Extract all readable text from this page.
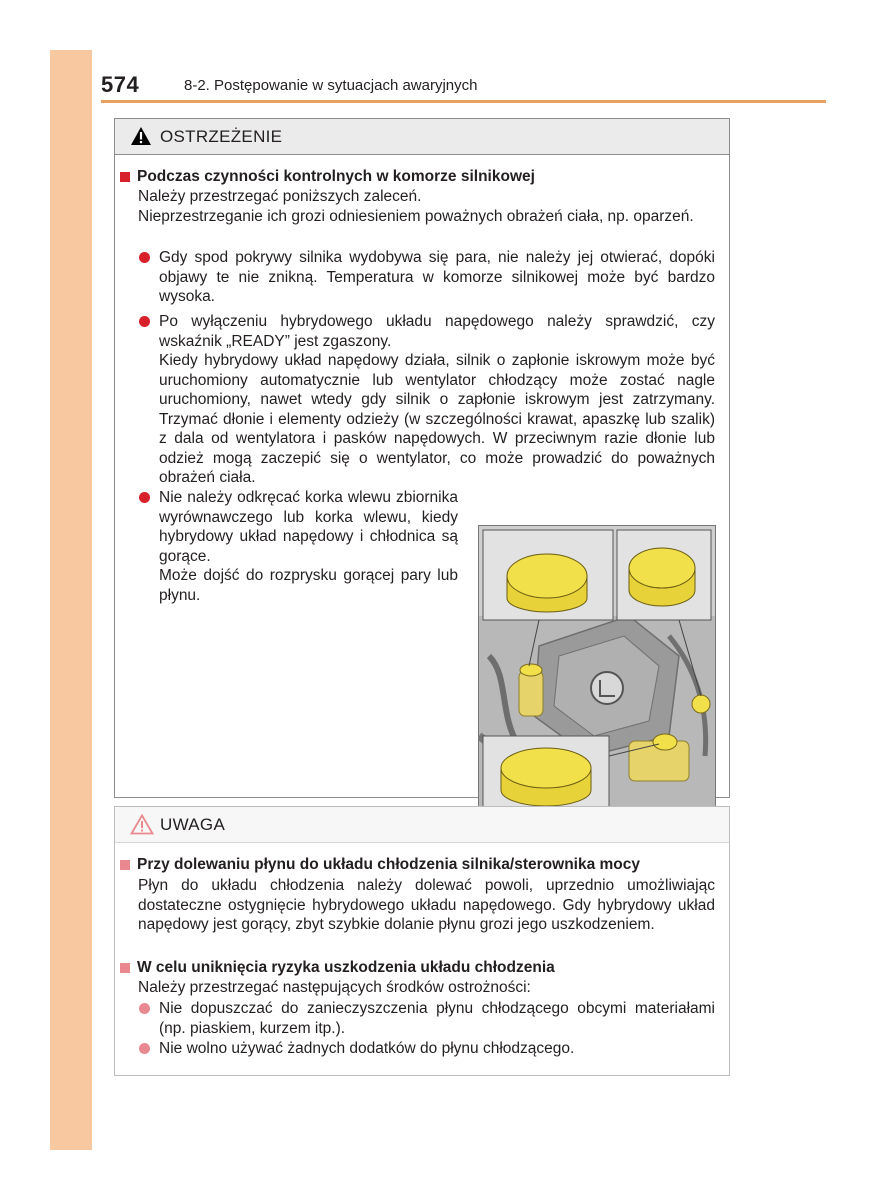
574	8-2. Postępowanie w sytuacjach awaryjnych
OSTRZEŻENIE
Podczas czynności kontrolnych w komorze silnikowej
Należy przestrzegać poniższych zaleceń.
Nieprzestrzeganie ich grozi odniesieniem poważnych obrażeń ciała, np. oparzeń.

Gdy spod pokrywy silnika wydobywa się para, nie należy jej otwierać, dopóki objawy te nie znikną. Temperatura w komorze silnikowej może być bardzo wysoka.

Po wyłączeniu hybrydowego układu napędowego należy sprawdzić, czy wskaźnik „READY” jest zgaszony.

Kiedy hybrydowy układ napędowy działa, silnik o zapłonie iskrowym może być uruchomiony automatycznie lub wentylator chłodzący może zostać nagle uruchomiony, nawet wtedy gdy silnik o zapłonie iskrowym jest zatrzymany. Trzymać dłonie i elementy odzieży (w szczególności krawat, apaszkę lub szalik) z dala od wentylatora i pasków napędowych. W przeciwnym razie dłonie lub odzież mogą zaczepić się o wentylator, co może prowadzić do poważnych obrażeń ciała.

Nie należy odkręcać korka wlewu zbiornika wyrównawczego lub korka wlewu, kiedy hybrydowy układ napędowy i chłodnica są gorące.

Może dojść do rozprysku gorącej pary lub płynu.

UWAGA
Przy dolewaniu płynu do układu chłodzenia silnika/sterownika mocy
Płyn do układu chłodzenia należy dolewać powoli, uprzednio umożliwiając dostateczne ostygnięcie hybrydowego układu napędowego. Gdy hybrydowy układ napędowy jest gorący, zbyt szybkie dolanie płynu grozi jego uszkodzeniem.
W celu uniknięcia ryzyka uszkodzenia układu chłodzenia
Należy przestrzegać następujących środków ostrożności:

Nie dopuszczać do zanieczyszczenia płynu chłodzącego obcymi materiałami (np. piaskiem, kurzem itp.).

Nie wolno używać żadnych dodatków do płynu chłodzącego.
